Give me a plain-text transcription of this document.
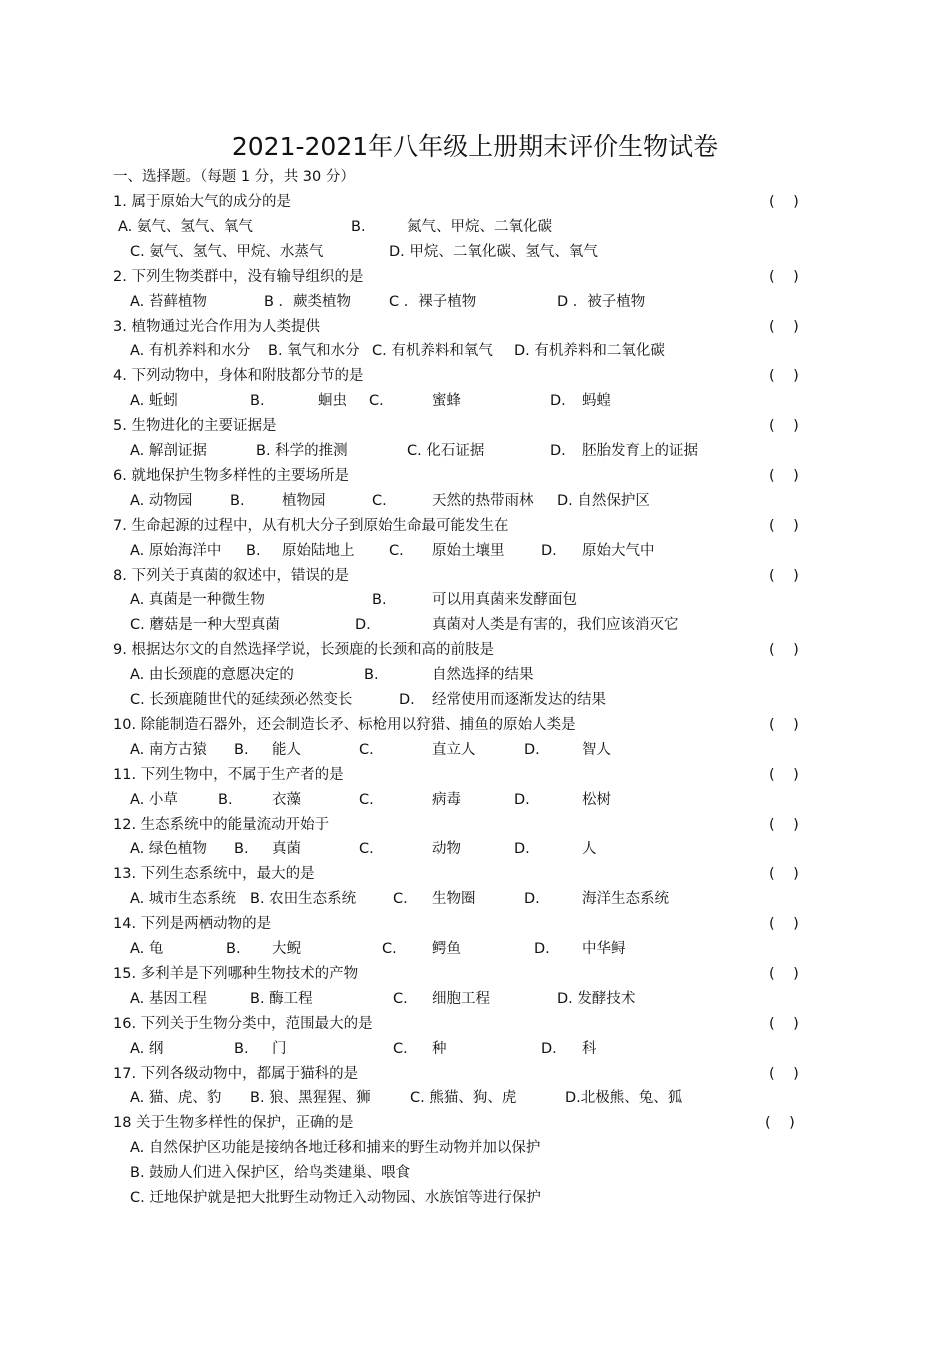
2021-2021年八年级上册期末评价生物试卷
一、选择题。（每题 1 分，共 30 分）
1. 属于原始大气的成分的是	(    )
A. 氨气、氢气、氧气	B.	氮气、甲烷、二氧化碳
C. 氨气、氢气、甲烷、水蒸气	D. 甲烷、二氧化碳、氢气、氧气
2. 下列生物类群中，没有输导组织的是	(    )
A. 苔藓植物	B ．蕨类植物	C ．裸子植物	D ．被子植物
3. 植物通过光合作用为人类提供	(    )
A. 有机养料和水分 B. 氧气和水分 C. 有机养料和氧气 D. 有机养料和二氧化碳
4. 下列动物中，身体和附肢都分节的是	(    )
A. 蚯蚓	B.	蛔虫 C.	蜜蜂	D. 蚂蝗
5. 生物进化的主要证据是	(    )
A. 解剖证据	B. 科学的推测	C. 化石证据	D. 胚胎发育上的证据
6. 就地保护生物多样性的主要场所是	(    )
A. 动物园	B.	植物园	C.	天然的热带雨林 D. 自然保护区
7. 生命起源的过程中，从有机大分子到原始生命最可能发生在	(    )
A. 原始海洋中 B. 原始陆地上 C. 原始土壤里	D. 原始大气中
8. 下列关于真菌的叙述中，错误的是	(    )
A. 真菌是一种微生物	B.	可以用真菌来发酵面包
C. 蘑菇是一种大型真菌	D.	真菌对人类是有害的，我们应该消灭它
9. 根据达尔文的自然选择学说，长颈鹿的长颈和高的前肢是	(    )
A. 由长颈鹿的意愿决定的	B.	自然选择的结果
C. 长颈鹿随世代的延续颈必然变长	D. 经常使用而逐渐发达的结果
10. 除能制造石器外，还会制造长矛、标枪用以狩猎、捕鱼的原始人类是	(    )
A. 南方古猿 B. 能人	C.	直立人	D.	智人
11. 下列生物中，不属于生产者的是	(    )
A. 小草	B.	衣藻	C.	病毒	D.	松树
12. 生态系统中的能量流动开始于	(    )
A. 绿色植物 B. 真菌	C.	动物	D.	人
13. 下列生态系统中，最大的是	(    )
A. 城市生态系统 B. 农田生态系统	C. 生物圈	D.	海洋生态系统
14. 下列是两栖动物的是	(    )
A. 龟	B. 大鲵	C. 鳄鱼	D. 中华鲟
15. 多利羊是下列哪种生物技术的产物	(    )
A. 基因工程	B. 酶工程	C. 细胞工程	D. 发酵技术
16. 下列关于生物分类中，范围最大的是	(    )
A. 纲	B. 门	C. 种	D. 科
17. 下列各级动物中，都属于猫科的是	(    )
A. 猫、虎、豹 B. 狼、黑猩猩、狮	C. 熊猫、狗、虎	D.北极熊、兔、狐
18 关于生物多样性的保护，正确的是	(    )
A. 自然保护区功能是接纳各地迁移和捕来的野生动物并加以保护
B. 鼓励人们进入保护区，给鸟类建巢、喂食
C. 迁地保护就是把大批野生动物迁入动物园、水族馆等进行保护
